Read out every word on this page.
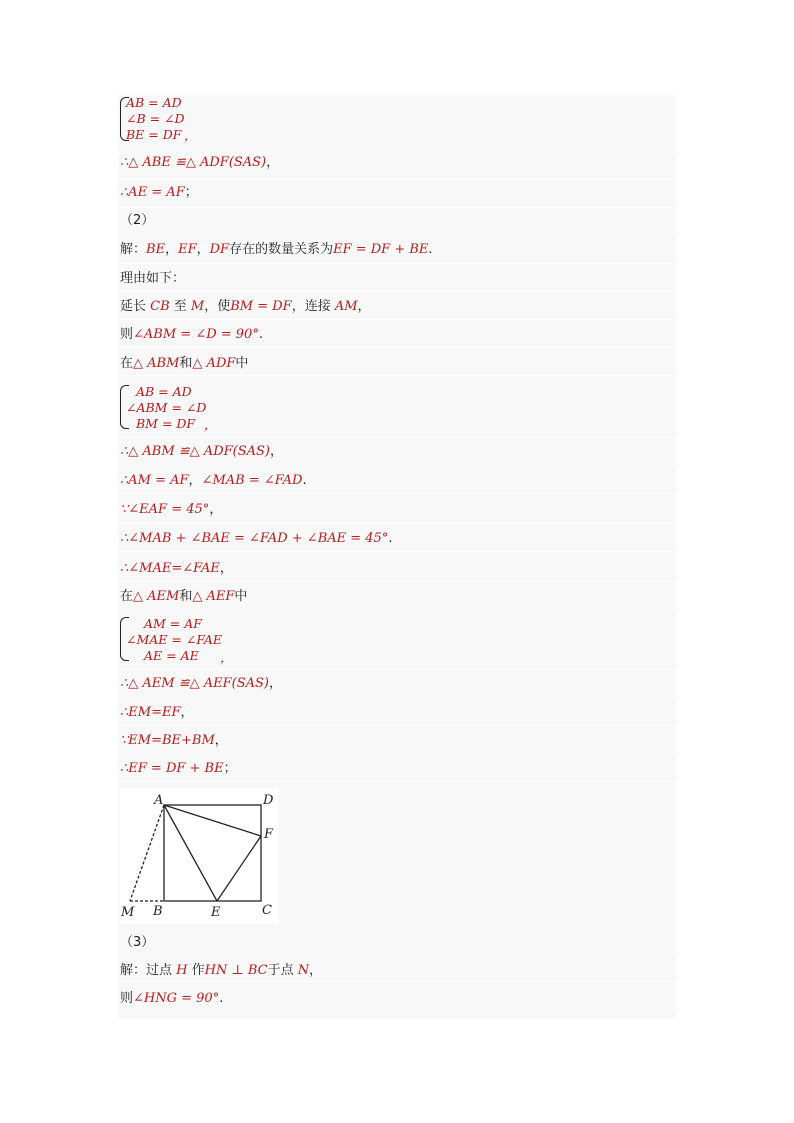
AB = AD
∠B = ∠D
BE = DF ，
∴△ ABE ≌△ ADF(SAS)，
∴AE = AF；
（2）
解：BE，EF，DF存在的数量关系为EF = DF + BE.
理由如下：
延长 CB 至 M，使BM = DF，连接 AM，
则∠ABM = ∠D = 90°.
在△ ABM和△ ADF中
AB = AD
∠ABM = ∠D
BM = DF ，
∴△ ABM ≌△ ADF(SAS)，
∴AM = AF，∠MAB = ∠FAD.
∵∠EAF = 45°，
∴∠MAB + ∠BAE = ∠FAD + ∠BAE = 45°.
∴∠MAE=∠FAE，
在△ AEM和△ AEF中
AM = AF
∠MAE = ∠FAE
AE = AE ，
∴△ AEM ≌△ AEF(SAS)，
∴EM=EF，
∵EM=BE+BM，
∴EF = DF + BE；
A	D
F
C
E
B
M
（3）
解：过点 H 作HN ⊥ BC于点 N，
则∠HNG = 90°.
